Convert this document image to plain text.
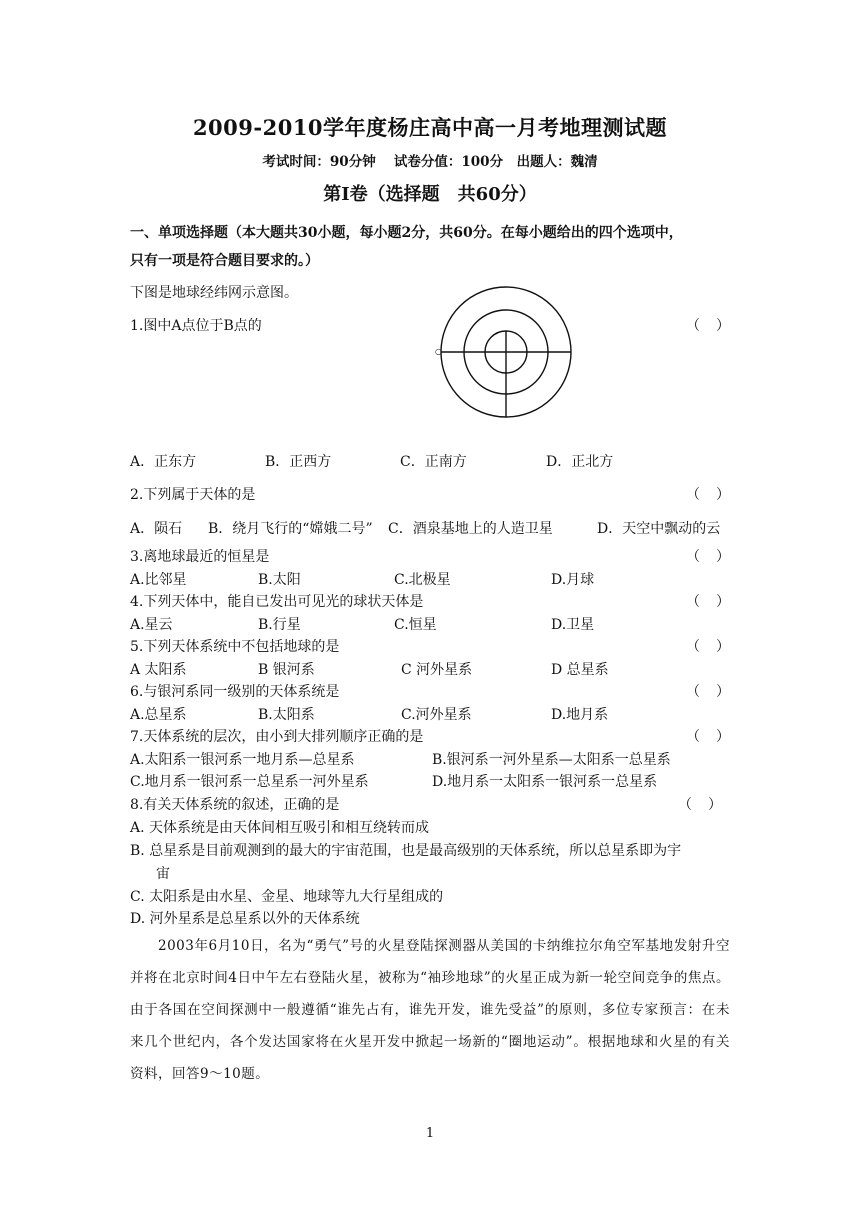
2009-2010学年度杨庄高中高一月考地理测试题
考试时间：90分钟　 试卷分值：100分　出题人：魏清
第Ⅰ卷（选择题　共60分）
一、单项选择题（本大题共30小题，每小题2分，共60分。在每小题给出的四个选项中，
只有一项是符合题目要求的。）
下图是地球经纬网示意图。
○
1.图中A点位于B点的	（ ）
A．正东方	B．正西方	C．正南方	D．正北方
2.下列属于天体的是	（ ）
A．陨石 B．绕月飞行的“嫦娥二号” C．酒泉基地上的人造卫星	D．天空中飘动的云
3.离地球最近的恒星是	（ ）
A.比邻星	B.太阳	C.北极星	D.月球
4.下列天体中，能自已发出可见光的球状天体是	（ ）
A.星云	B.行星	C.恒星	D.卫星
5.下列天体系统中不包括地球的是	（ ）
A 太阳系	B 银河系	C 河外星系	D 总星系
6.与银河系同一级别的天体系统是	（ ）
A.总星系	B.太阳系	C.河外星系	D.地月系
7.天体系统的层次，由小到大排列顺序正确的是	（ ）
A.太阳系一银河系一地月系—总星系	B.银河系一河外星系—太阳系一总星系
C.地月系一银河系一总星系一河外星系	D.地月系一太阳系一银河系一总星系
8.有关天体系统的叙述，正确的是	（ ）
A. 天体系统是由天体间相互吸引和相互绕转而成
B. 总星系是目前观测到的最大的宇宙范围，也是最高级别的天体系统，所以总星系即为宇
宙
C. 太阳系是由水星、金星、地球等九大行星组成的
D. 河外星系是总星系以外的天体系统
2003年6月10日，名为“勇气”号的火星登陆探测器从美国的卡纳维拉尔角空军基地发射升空并将在北京时间4日中午左右登陆火星，被称为“袖珍地球”的火星正成为新一轮空间竞争的焦点。由于各国在空间探测中一般遵循“谁先占有，谁先开发，谁先受益”的原则，多位专家预言：在未来几个世纪内，各个发达国家将在火星开发中掀起一场新的“圈地运动”。根据地球和火星的有关资料，回答9～10题。
1
